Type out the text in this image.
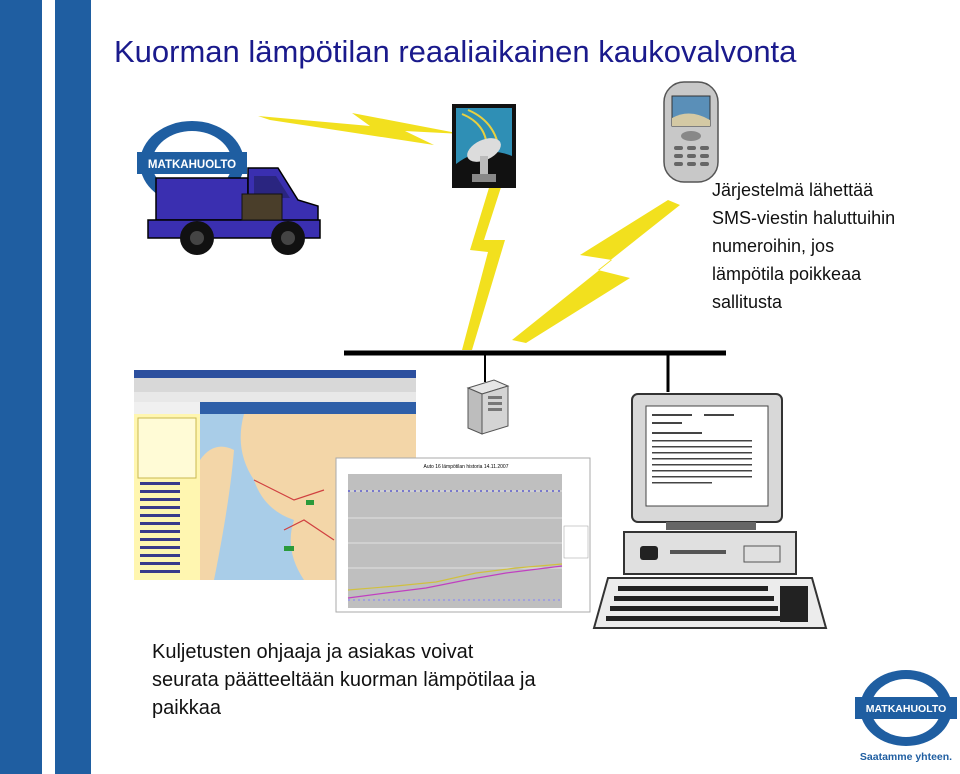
Kuorman lämpötilan reaaliaikainen kaukovalvonta
MATKAHUOLTO
Järjestelmä lähettää
SMS-viestin haluttuihin
numeroihin, jos
lämpötila poikkeaa
sallitusta
Auto 16 lämpötilan historia 14.11.2007
Kuljetusten ohjaaja ja asiakas voivat
seurata päätteeltään kuorman lämpötilaa ja
paikkaa	MATKAHUOLTO
Saatamme yhteen.
